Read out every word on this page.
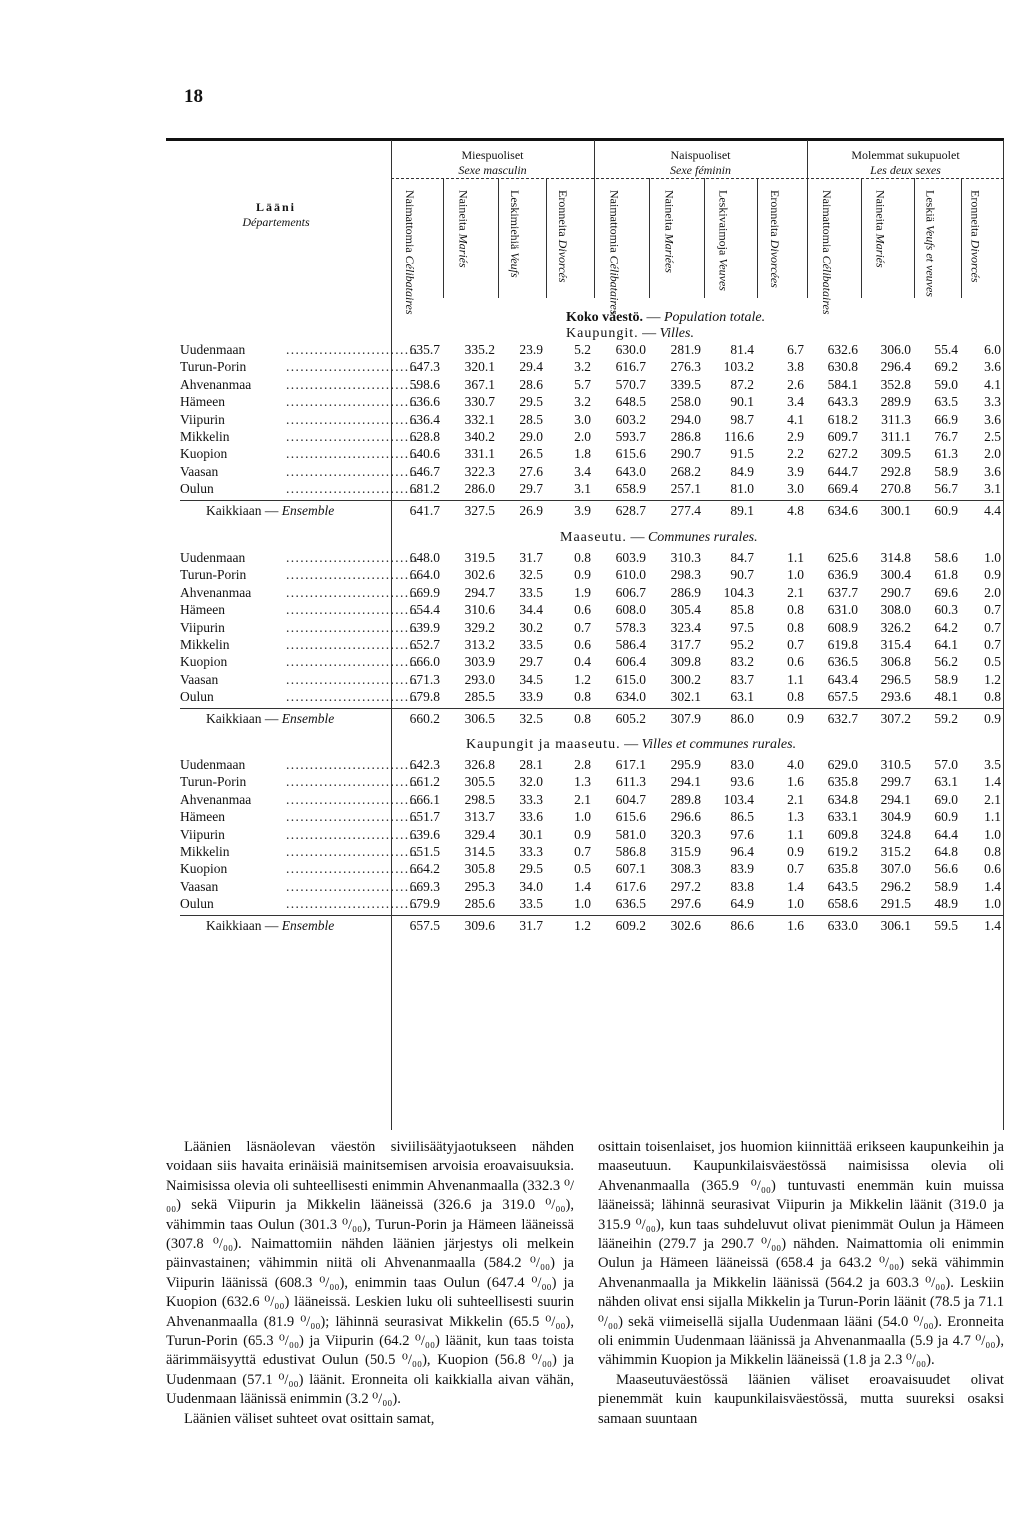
18
Lääni
Départements
Miespuoliset
Sexe masculin
Naimattomia Célibataires
Naineita Mariés
Leskimiehiä Veufs
Eronneita Divorcés
Naispuoliset
Sexe féminin
Naimattomia Célibataires
Naineita Mariées	Leskivaimoja Veuves
Eronneita Divorcées
Molemmat sukupuolet
Les deux sexes
Naimattomia Célibataires
Naineita Mariés
Leskiä Veufs et veuves
Eronneita Divorcés
Koko väestö. — Population totale.
Kaupungit. — Villes.
. . . . . . . . . . . . . . . . . . . . . . . . . . . .
Uudenmaan	635.7	335.2	23.9	5.2	630.0	281.9	81.4	6.7	632.6	306.0	55.4	6.0
. . . . . . . . . . . . . . . . . . . . . . . . . . . .
Turun-Porin	647.3	320.1	29.4	3.2	616.7	276.3	103.2	3.8	630.8	296.4	69.2	3.6
. . . . . . . . . . . . . . . . . . . . . . . . . . . .
Ahvenanmaa	598.6	367.1	28.6	5.7	570.7	339.5	87.2	2.6	584.1	352.8	59.0	4.1
. . . . . . . . . . . . . . . . . . . . . . . . . . . .
Hämeen	636.6	330.7	29.5	3.2	648.5	258.0	90.1	3.4	643.3	289.9	63.5	3.3
. . . . . . . . . . . . . . . . . . . . . . . . . . . .
Viipurin	636.4	332.1	28.5	3.0	603.2	294.0	98.7	4.1	618.2	311.3	66.9	3.6
. . . . . . . . . . . . . . . . . . . . . . . . . . . .
Mikkelin	628.8	340.2	29.0	2.0	593.7	286.8	116.6	2.9	609.7	311.1	76.7	2.5
. . . . . . . . . . . . . . . . . . . . . . . . . . . .
Kuopion	640.6	331.1	26.5	1.8	615.6	290.7	91.5	2.2	627.2	309.5	61.3	2.0
. . . . . . . . . . . . . . . . . . . . . . . . . . . .
Vaasan	646.7	322.3	27.6	3.4	643.0	268.2	84.9	3.9	644.7	292.8	58.9	3.6
. . . . . . . . . . . . . . . . . . . . . . . . . . . .
Oulun	681.2	286.0	29.7	3.1	658.9	257.1	81.0	3.0	669.4	270.8	56.7	3.1
Kaikkiaan — Ensemble	641.7	327.5	26.9	3.9	628.7	277.4	89.1	4.8	634.6	300.1	60.9	4.4
Maaseutu. — Communes rurales.
. . . . . . . . . . . . . . . . . . . . . . . . . . . .
Uudenmaan	648.0	319.5	31.7	0.8	603.9	310.3	84.7	1.1	625.6	314.8	58.6	1.0
. . . . . . . . . . . . . . . . . . . . . . . . . . . .
Turun-Porin	664.0	302.6	32.5	0.9	610.0	298.3	90.7	1.0	636.9	300.4	61.8	0.9
. . . . . . . . . . . . . . . . . . . . . . . . . . . .
Ahvenanmaa	669.9	294.7	33.5	1.9	606.7	286.9	104.3	2.1	637.7	290.7	69.6	2.0
. . . . . . . . . . . . . . . . . . . . . . . . . . . .
Hämeen	654.4	310.6	34.4	0.6	608.0	305.4	85.8	0.8	631.0	308.0	60.3	0.7
. . . . . . . . . . . . . . . . . . . . . . . . . . . .
Viipurin	639.9	329.2	30.2	0.7	578.3	323.4	97.5	0.8	608.9	326.2	64.2	0.7
. . . . . . . . . . . . . . . . . . . . . . . . . . . .
Mikkelin	652.7	313.2	33.5	0.6	586.4	317.7	95.2	0.7	619.8	315.4	64.1	0.7
. . . . . . . . . . . . . . . . . . . . . . . . . . . .
Kuopion	666.0	303.9	29.7	0.4	606.4	309.8	83.2	0.6	636.5	306.8	56.2	0.5
. . . . . . . . . . . . . . . . . . . . . . . . . . . .
Vaasan	671.3	293.0	34.5	1.2	615.0	300.2	83.7	1.1	643.4	296.5	58.9	1.2
. . . . . . . . . . . . . . . . . . . . . . . . . . . .
Oulun	679.8	285.5	33.9	0.8	634.0	302.1	63.1	0.8	657.5	293.6	48.1	0.8
Kaikkiaan — Ensemble	660.2	306.5	32.5	0.8	605.2	307.9	86.0	0.9	632.7	307.2	59.2	0.9
Kaupungit ja maaseutu. — Villes et communes rurales.
. . . . . . . . . . . . . . . . . . . . . . . . . . . .
Uudenmaan	642.3	326.8	28.1	2.8	617.1	295.9	83.0	4.0	629.0	310.5	57.0	3.5
. . . . . . . . . . . . . . . . . . . . . . . . . . . .
Turun-Porin	661.2	305.5	32.0	1.3	611.3	294.1	93.6	1.6	635.8	299.7	63.1	1.4
. . . . . . . . . . . . . . . . . . . . . . . . . . . .
Ahvenanmaa	666.1	298.5	33.3	2.1	604.7	289.8	103.4	2.1	634.8	294.1	69.0	2.1
. . . . . . . . . . . . . . . . . . . . . . . . . . . .
Hämeen	651.7	313.7	33.6	1.0	615.6	296.6	86.5	1.3	633.1	304.9	60.9	1.1
. . . . . . . . . . . . . . . . . . . . . . . . . . . .
Viipurin	639.6	329.4	30.1	0.9	581.0	320.3	97.6	1.1	609.8	324.8	64.4	1.0
. . . . . . . . . . . . . . . . . . . . . . . . . . . .
Mikkelin	651.5	314.5	33.3	0.7	586.8	315.9	96.4	0.9	619.2	315.2	64.8	0.8
. . . . . . . . . . . . . . . . . . . . . . . . . . . .
Kuopion	664.2	305.8	29.5	0.5	607.1	308.3	83.9	0.7	635.8	307.0	56.6	0.6
. . . . . . . . . . . . . . . . . . . . . . . . . . . .
Vaasan	669.3	295.3	34.0	1.4	617.6	297.2	83.8	1.4	643.5	296.2	58.9	1.4
. . . . . . . . . . . . . . . . . . . . . . . . . . . .
Oulun	679.9	285.6	33.5	1.0	636.5	297.6	64.9	1.0	658.6	291.5	48.9	1.0
Kaikkiaan — Ensemble	657.5	309.6	31.7	1.2	609.2	302.6	86.6	1.6	633.0	306.1	59.5	1.4

Läänien läsnäolevan väestön siviilisäätyjaotukseen nähden voidaan siis havaita erinäisiä mainitsemisen arvoisia eroavaisuuksia. Naimisissa olevia oli suhteellisesti enimmin Ahvenanmaalla (332.3 ⁰/₀₀) sekä Viipurin ja Mikkelin lääneissä (326.6 ja 319.0 ⁰/₀₀), vähimmin taas Oulun (301.3 ⁰/₀₀), Turun-Porin ja Hämeen lääneissä (307.8 ⁰/₀₀). Naimattomiin nähden läänien järjestys oli melkein päinvastainen; vähimmin niitä oli Ahvenanmaalla (584.2 ⁰/₀₀) ja Viipurin läänissä (608.3 ⁰/₀₀), enimmin taas Oulun (647.4 ⁰/₀₀) ja Kuopion (632.6 ⁰/₀₀) lääneissä. Leskien luku oli suhteellisesti suurin Ahvenanmaalla (81.9 ⁰/₀₀); lähinnä seurasivat Mikkelin (65.5 ⁰/₀₀), Turun-Porin (65.3 ⁰/₀₀) ja Viipurin (64.2 ⁰/₀₀) läänit, kun taas toista äärimmäisyyttä edustivat Oulun (50.5 ⁰/₀₀), Kuopion (56.8 ⁰/₀₀) ja Uudenmaan (57.1 ⁰/₀₀) läänit. Eronneita oli kaikkialla aivan vähän, Uudenmaan läänissä enimmin (3.2 ⁰/₀₀).

Läänien väliset suhteet ovat osittain samat,

osittain toisenlaiset, jos huomion kiinnittää erikseen kaupunkeihin ja maaseutuun. Kaupunkilaisväestössä naimisissa olevia oli Ahvenanmaalla (365.9 ⁰/₀₀) tuntuvasti enemmän kuin muissa lääneissä; lähinnä seurasivat Viipurin ja Mikkelin läänit (319.0 ja 315.9 ⁰/₀₀), kun taas suhdeluvut olivat pienimmät Oulun ja Hämeen lääneihin (279.7 ja 290.7 ⁰/₀₀) nähden. Naimattomia oli enimmin Oulun ja Hämeen lääneissä (658.4 ja 643.2 ⁰/₀₀) sekä vähimmin Ahvenanmaalla ja Mikkelin läänissä (564.2 ja 603.3 ⁰/₀₀). Leskiin nähden olivat ensi sijalla Mikkelin ja Turun-Porin läänit (78.5 ja 71.1 ⁰/₀₀) sekä viimeisellä sijalla Uudenmaan lääni (54.0 ⁰/₀₀). Eronneita oli enimmin Uudenmaan läänissä ja Ahvenanmaalla (5.9 ja 4.7 ⁰/₀₀), vähimmin Kuopion ja Mikkelin lääneissä (1.8 ja 2.3 ⁰/₀₀).

Maaseutuväestössä läänien väliset eroavaisuudet olivat pienemmät kuin kaupunkilaisväestössä, mutta suureksi osaksi samaan suuntaan
